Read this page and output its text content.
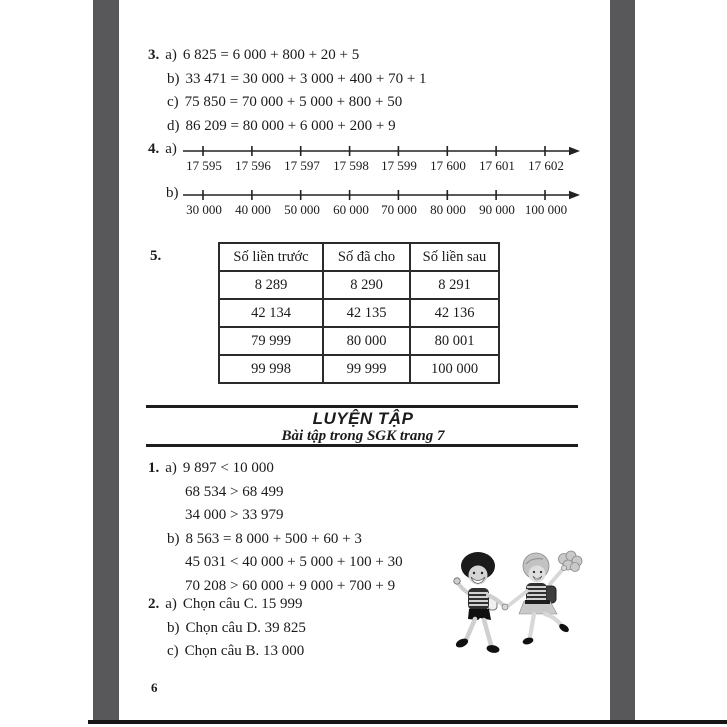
3. a) 6 825 = 6 000 + 800 + 20 + 5
b) 33 471 = 30 000 + 3 000 + 400 + 70 + 1
c) 75 850 = 70 000 + 5 000 + 800 + 50
d) 86 209 = 80 000 + 6 000 + 200 + 9
4. a)
17 595	17 596	17 597	17 598 17 599	17 600	17 601	17 602
b)
30 000	40 000	50 000	60 000 70 000	80 000	90 000 100 000
5.	Số liền trước	Số đã cho	Số liền sau
8 289	8 290	8 291
42 134	42 135	42 136
79 999	80 000	80 001
99 998	99 999	100 000
LUYỆN TẬP
Bài tập trong SGK trang 7
1. a) 9 897 < 10 000
68 534 > 68 499
34 000 > 33 979
b) 8 563 = 8 000 + 500 + 60 + 3
45 031 < 40 000 + 5 000 + 100 + 30
70 208 > 60 000 + 9 000 + 700 + 9
2. a) Chọn câu C. 15 999
b) Chọn câu D. 39 825
c) Chọn câu B. 13 000
6
